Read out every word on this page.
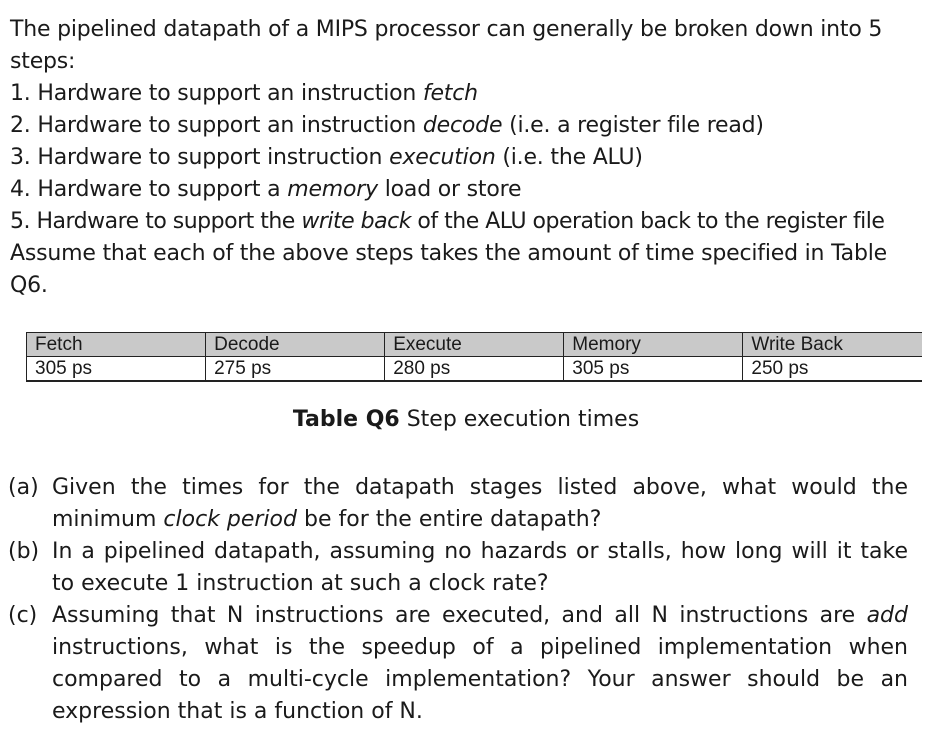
The pipelined datapath of a MIPS processor can generally be broken down into 5 steps:

1. Hardware to support an instruction fetch

2. Hardware to support an instruction decode (i.e. a register file read)

3. Hardware to support instruction execution (i.e. the ALU)

4. Hardware to support a memory load or store

5. Hardware to support the write back of the ALU operation back to the register file

Assume that each of the above steps takes the amount of time specified in Table Q6.

Fetch	Decode	Execute	Memory	Write Back
305 ps	275 ps	280 ps	305 ps	250 ps
Table Q6 Step execution times
(a) Given the times for the datapath stages listed above, what would the minimum clock period be for the entire datapath?
(b) In a pipelined datapath, assuming no hazards or stalls, how long will it take to execute 1 instruction at such a clock rate?
(c) Assuming that N instructions are executed, and all N instructions are add instructions, what is the speedup of a pipelined implementation when compared to a multi-cycle implementation? Your answer should be an expression that is a function of N.
